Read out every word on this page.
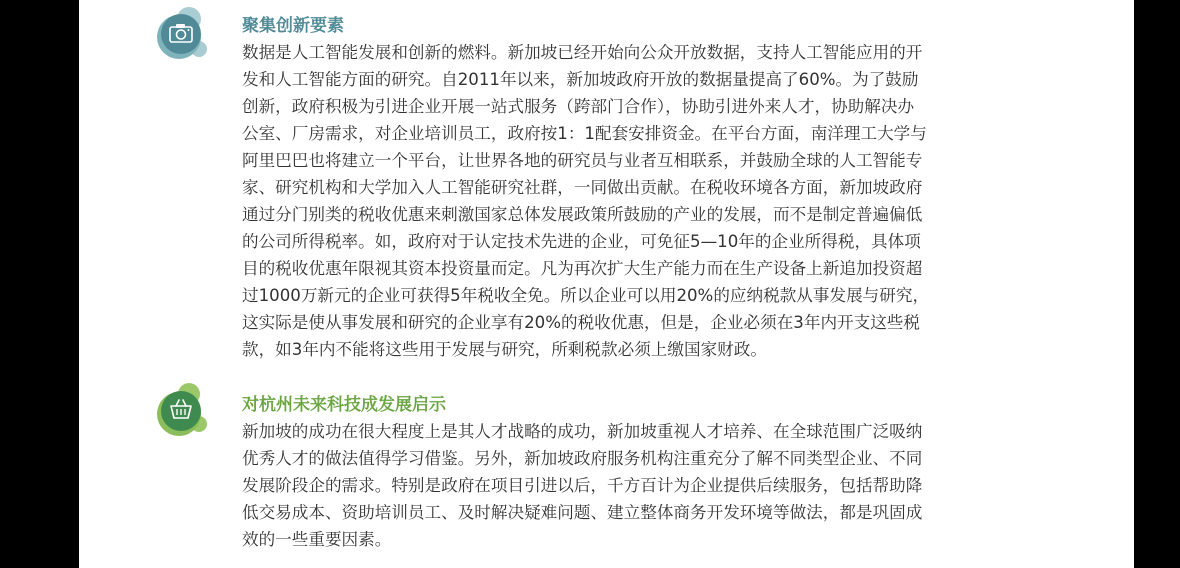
聚集创新要素
数据是人工智能发展和创新的燃料。新加坡已经开始向公众开放数据，支持人工智能应用的开
发和人工智能方面的研究。自2011年以来，新加坡政府开放的数据量提高了60%。为了鼓励
创新，政府积极为引进企业开展一站式服务（跨部门合作），协助引进外来人才，协助解决办
公室、厂房需求，对企业培训员工，政府按1：1配套安排资金。在平台方面，南洋理工大学与
阿里巴巴也将建立一个平台，让世界各地的研究员与业者互相联系，并鼓励全球的人工智能专
家、研究机构和大学加入人工智能研究社群，一同做出贡献。在税收环境各方面，新加坡政府
通过分门别类的税收优惠来刺激国家总体发展政策所鼓励的产业的发展，而不是制定普遍偏低
的公司所得税率。如，政府对于认定技术先进的企业，可免征5—10年的企业所得税，具体项
目的税收优惠年限视其资本投资量而定。凡为再次扩大生产能力而在生产设备上新追加投资超
过1000万新元的企业可获得5年税收全免。所以企业可以用20%的应纳税款从事发展与研究，
这实际是使从事发展和研究的企业享有20%的税收优惠，但是，企业必须在3年内开支这些税
款，如3年内不能将这些用于发展与研究，所剩税款必须上缴国家财政。
对杭州未来科技成发展启示
新加坡的成功在很大程度上是其人才战略的成功，新加坡重视人才培养、在全球范围广泛吸纳
优秀人才的做法值得学习借鉴。另外，新加坡政府服务机构注重充分了解不同类型企业、不同
发展阶段企的需求。特别是政府在项目引进以后，千方百计为企业提供后续服务，包括帮助降
低交易成本、资助培训员工、及时解决疑难问题、建立整体商务开发环境等做法，都是巩固成
效的一些重要因素。
